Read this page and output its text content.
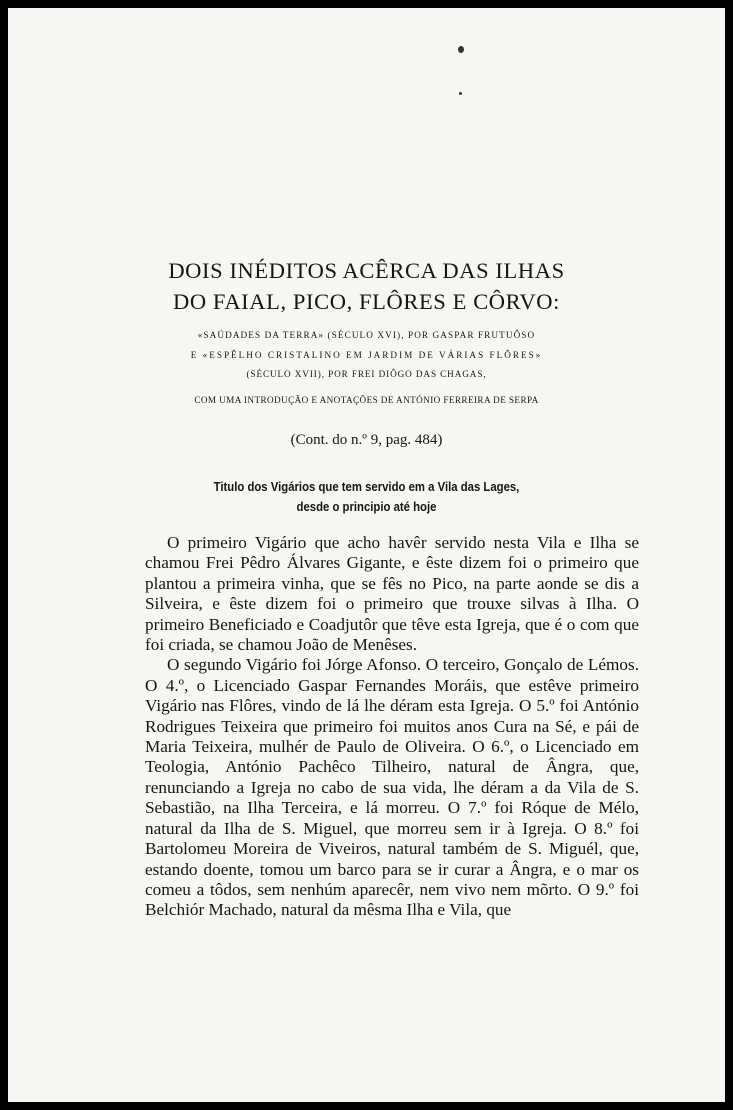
DOIS INÉDITOS ACÊRCA DAS ILHAS
DO FAIAL, PICO, FLÔRES E CÔRVO:
«SAÚDADES DA TERRA» (SÉCULO XVI), POR GASPAR FRUTUÔSO
E «ESPÊLHO CRISTALINO EM JARDIM DE VÁRIAS FLÔRES»
(SÉCULO XVII), POR FREI DIÔGO DAS CHAGAS,
COM UMA INTRODUÇÃO E ANOTAÇÕES DE ANTÓNIO FERREIRA DE SERPA
(Cont. do n.º 9, pag. 484)
Titulo dos Vigários que tem servido em a Vila das Lages,
desde o principio até hoje

O primeiro Vigário que acho havêr servido nesta Vila e Ilha se chamou Frei Pêdro Álvares Gigante, e êste dizem foi o primeiro que plantou a primeira vinha, que se fês no Pico, na parte aonde se dis a Silveira, e êste dizem foi o primeiro que trouxe silvas à Ilha. O primeiro Beneficiado e Coadjutôr que têve esta Igreja, que é o com que foi criada, se chamou João de Menêses.

O segundo Vigário foi Jórge Afonso. O terceiro, Gonçalo de Lémos. O 4.º, o Licenciado Gaspar Fernandes Moráis, que estêve primeiro Vigário nas Flôres, vindo de lá lhe déram esta Igreja. O 5.º foi António Rodrigues Teixeira que primeiro foi muitos anos Cura na Sé, e pái de Maria Teixeira, mulhér de Paulo de Oliveira. O 6.º, o Licenciado em Teologia, António Pachêco Tilheiro, natural de Ângra, que, renunciando a Igreja no cabo de sua vida, lhe déram a da Vila de S. Sebastião, na Ilha Terceira, e lá morreu. O 7.º foi Róque de Mélo, natural da Ilha de S. Miguel, que morreu sem ir à Igreja. O 8.º foi Bartolomeu Moreira de Viveiros, natural também de S. Miguél, que, estando doente, tomou um barco para se ir curar a Ângra, e o mar os comeu a tôdos, sem nenhúm aparecêr, nem vivo nem mõrto. O 9.º foi Belchiór Machado, natural da mêsma Ilha e Vila, que
